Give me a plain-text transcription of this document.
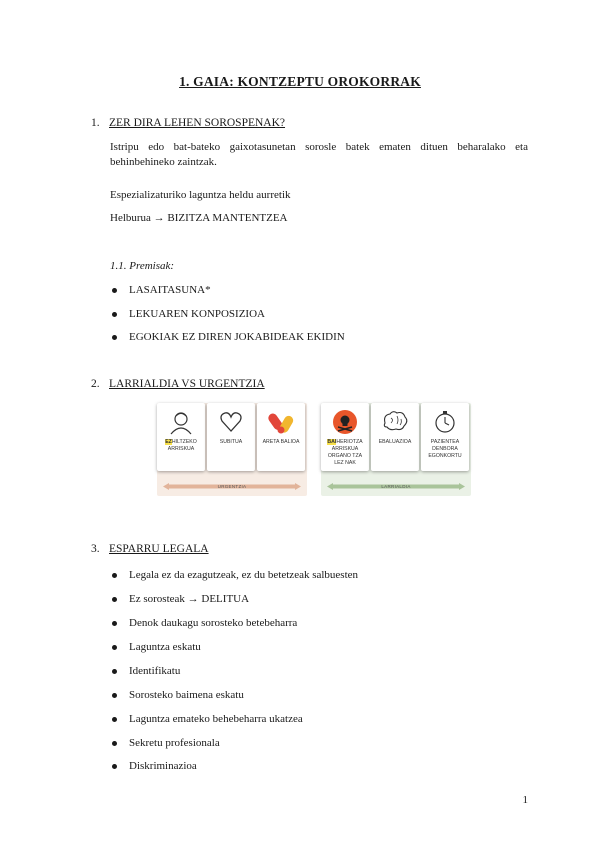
1. GAIA: KONTZEPTU OROKORRAK
1. ZER DIRA LEHEN SOROSPENAK?
Istripu edo bat-bateko gaixotasunetan sorosle batek ematen dituen beharalako eta behinbehineko zaintzak.
Espezializaturiko laguntza heldu aurretik
Helburua → BIZITZA MANTENTZEA
1.1. Premisak:
LASAITASUNA*
LEKUAREN KONPOSIZIOA
EGOKIAK EZ DIREN JOKABIDEAK EKIDIN
2. LARRIALDIA VS URGENTZIA
EZHILTZEKO ARRISKUA
SUBITUA	ARETA BALIOA
URGENTZIA
BAIHERIOTZA ARRISKUA ORGANO TZA LEZ NAK
EBALUAZIOA	PAZIENTEA DENBORA EGONKORTU
LARRIALDIA
3. ESPARRU LEGALA
Legala ez da ezagutzeak, ez du betetzeak salbuesten
Ez sorosteak → DELITUA
Denok daukagu sorosteko betebeharra
Laguntza eskatu
Identifikatu
Sorosteko baimena eskatu
Laguntza emateko behebeharra ukatzea
Sekretu profesionala
Diskriminazioa
1
